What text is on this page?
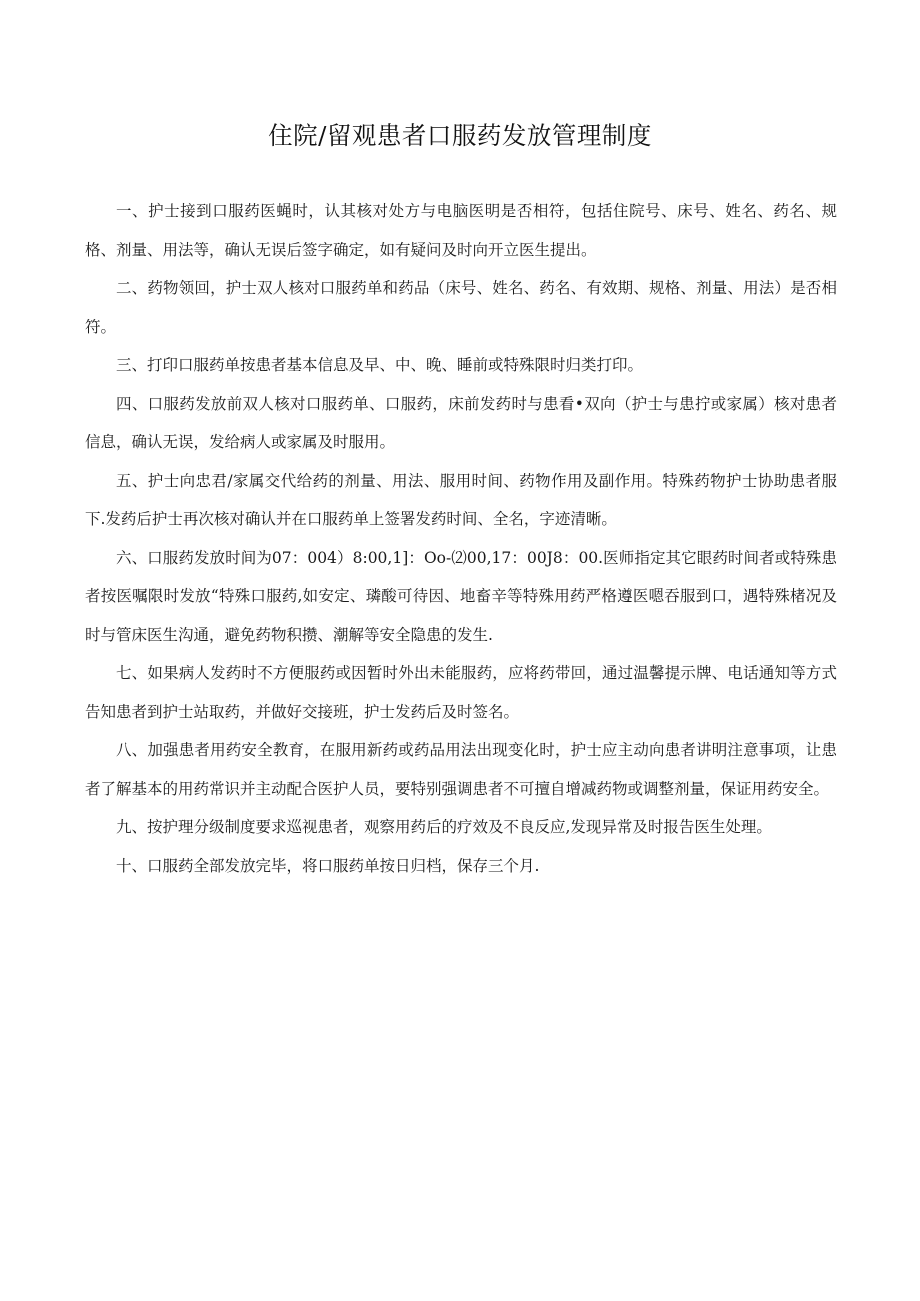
住院/留观患者口服药发放管理制度

一、护士接到口服药医蝇时，认其核对处方与电脑医明是否相符，包括住院号、床号、姓名、药名、规格、剂量、用法等，确认无误后签字确定，如有疑问及时向开立医生提出。

二、药物领回，护士双人核对口服药单和药品（床号、姓名、药名、有效期、规格、剂量、用法）是否相符。

三、打印口服药单按患者基本信息及早、中、晚、睡前或特殊限时归类打印。

四、口服药发放前双人核对口服药单、口服药，床前发药时与患看•双向（护士与患拧或家属）核对患者信息，确认无误，发给病人或家属及时服用。

五、护士向忠君/家属交代给药的剂量、用法、服用时间、药物作用及副作用。特殊药物护士协助患者服下.发药后护士再次核对确认并在口服药单上签署发药时间、全名，字迹清晰。

六、口服药发放时间为07：004）8:00,1]：Oo-⑵00,17：00J8：00.医师指定其它眼药时间者或特殊患者按医嘱限时发放“特殊口服药,如安定、璘酸可待因、地畜辛等特殊用药严格遵医嗯吞服到口，遇特殊楮况及时与管床医生沟通，避免药物积攒、潮解等安全隐患的发生.

七、如果病人发药时不方便服药或因暂时外出未能服药，应将药带回，通过温馨提示牌、电话通知等方式告知患者到护士站取药，并做好交接班，护士发药后及时签名。

八、加强患者用药安全教育，在服用新药或药品用法出现变化时，护士应主动向患者讲明注意事项，让患者了解基本的用药常识并主动配合医护人员，要特别强调患者不可擅自增减药物或调整剂量，保证用药安全。

九、按护理分级制度要求巡视患者，观察用药后的疗效及不良反应,发现异常及时报告医生处理。

十、口服药全部发放完毕，将口服药单按日归档，保存三个月.
